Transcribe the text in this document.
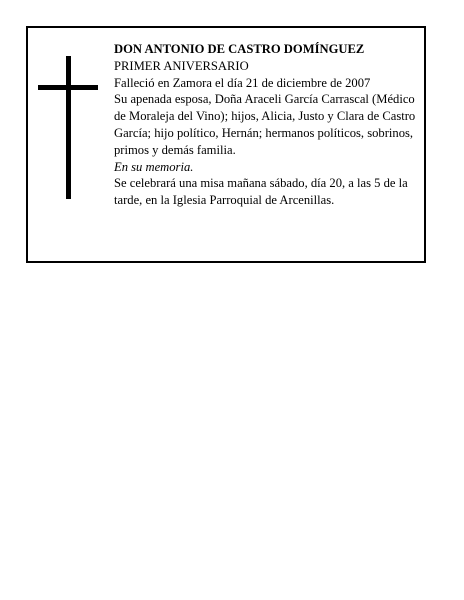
DON ANTONIO DE CASTRO DOMÍNGUEZ

PRIMER ANIVERSARIO

Falleció en Zamora el día 21 de diciembre de 2007

Su apenada esposa, Doña Araceli García Carrascal (Médico de Moraleja del Vino); hijos, Alicia, Justo y Clara de Castro García; hijo político, Hernán; hermanos políticos, sobrinos, primos y demás familia.

En su memoria.

Se celebrará una misa mañana sábado, día 20, a las 5 de la tarde, en la Iglesia Parroquial de Arcenillas.
